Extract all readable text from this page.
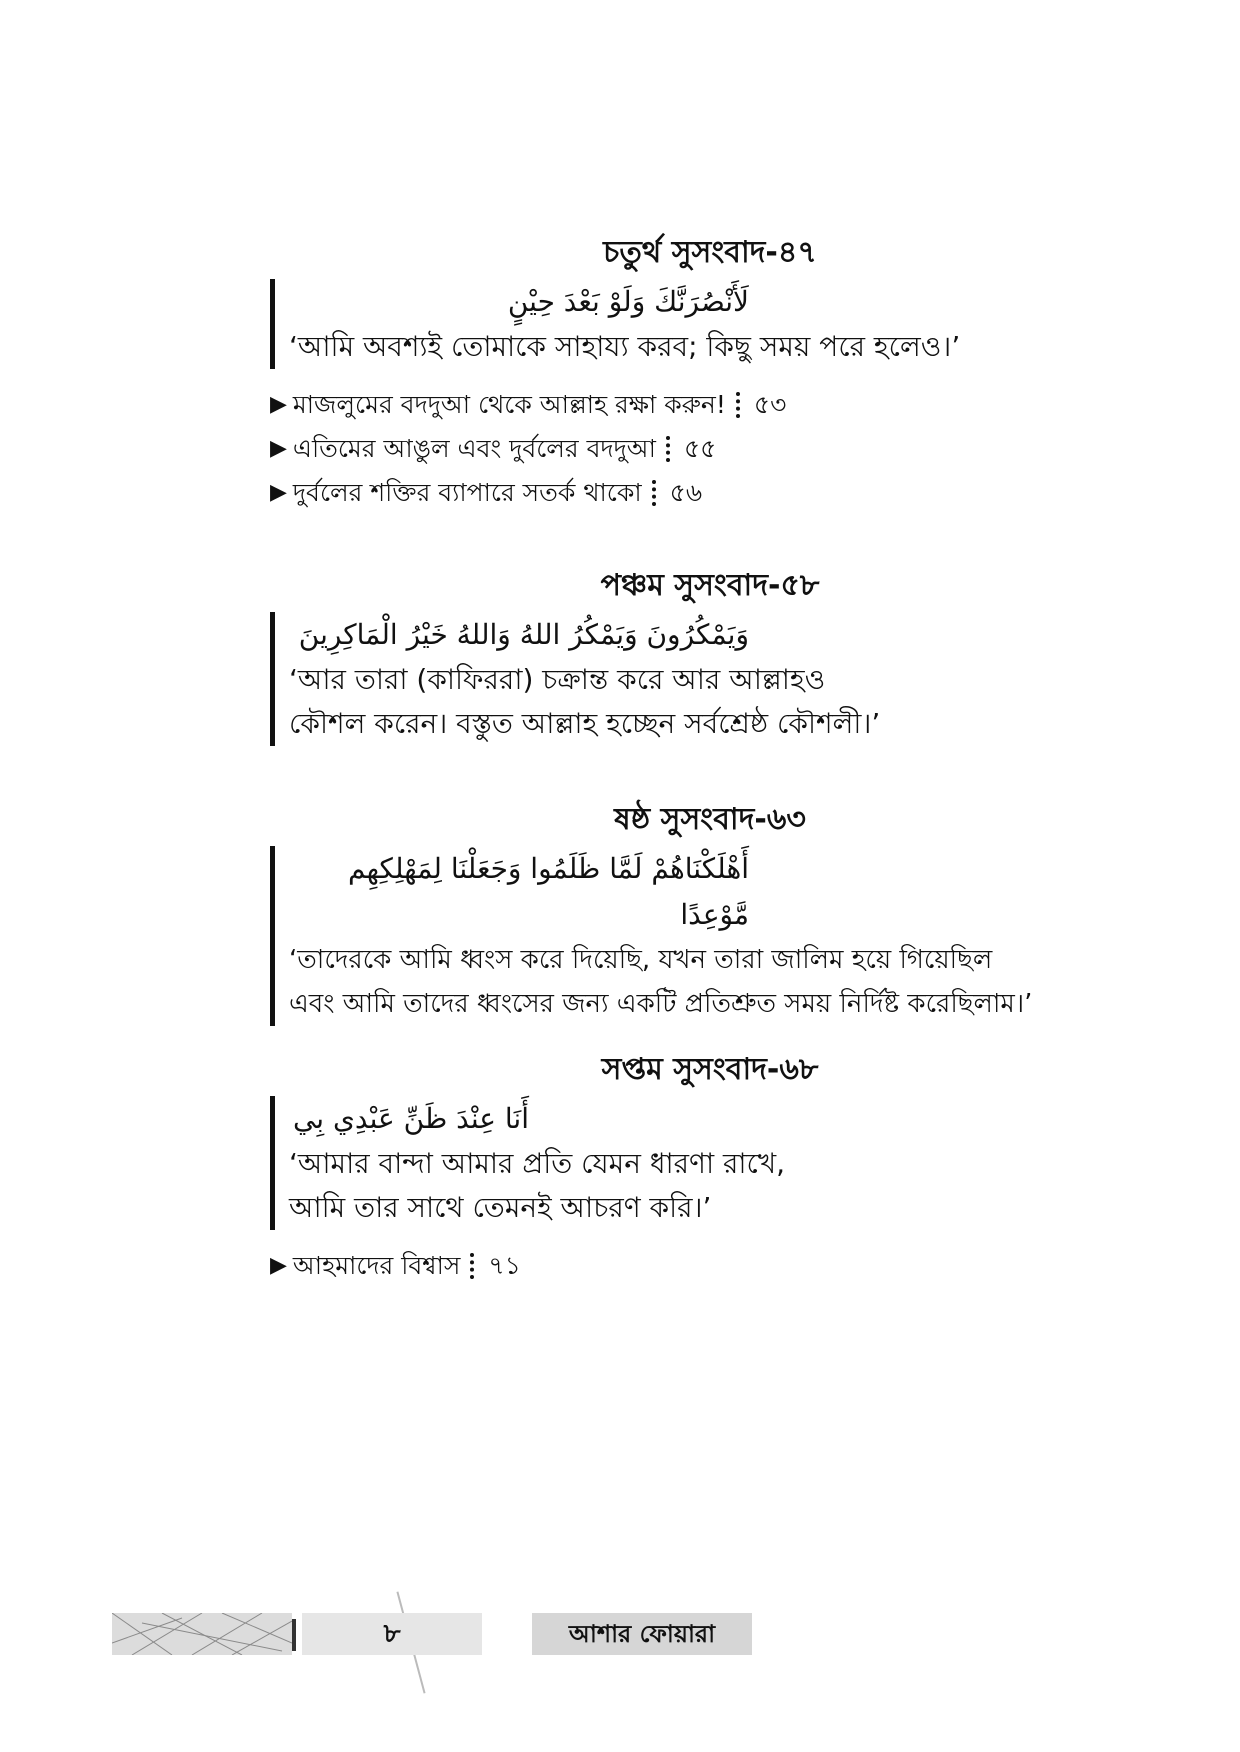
চতুর্থ সুসংবাদ-৪৭
لَأَنْصُرَنَّكَ وَلَوْ بَعْدَ حِيْنٍ
‘আমি অবশ্যই তোমাকে সাহায্য করব; কিছু সময় পরে হলেও।’
▶ মাজলুমের বদদুআ থেকে আল্লাহ রক্ষা করুন! ৫৩
▶ এতিমের আঙুল এবং দুর্বলের বদদুআ ৫৫
▶ দুর্বলের শক্তির ব্যাপারে সতর্ক থাকো ৫৬
পঞ্চম সুসংবাদ-৫৮
وَيَمْكُرُونَ وَيَمْكُرُ اللهُ وَاللهُ خَيْرُ الْمَاكِرِينَ
‘আর তারা (কাফিররা) চক্রান্ত করে আর আল্লাহও
কৌশল করেন। বস্তুত আল্লাহ হচ্ছেন সর্বশ্রেষ্ঠ কৌশলী।’
ষষ্ঠ সুসংবাদ-৬৩
أَهْلَكْنَاهُمْ لَمَّا ظَلَمُوا وَجَعَلْنَا لِمَهْلِكِهِم مَّوْعِدًا
‘তাদেরকে আমি ধ্বংস করে দিয়েছি, যখন তারা জালিম হয়ে গিয়েছিল
এবং আমি তাদের ধ্বংসের জন্য একটি প্রতিশ্রুত সময় নির্দিষ্ট করেছিলাম।’
সপ্তম সুসংবাদ-৬৮
أَنَا عِنْدَ ظَنِّ عَبْدِي بِي
‘আমার বান্দা আমার প্রতি যেমন ধারণা রাখে,
আমি তার সাথে তেমনই আচরণ করি।’
▶ আহমাদের বিশ্বাস ৭১
৮	আশার ফোয়ারা
